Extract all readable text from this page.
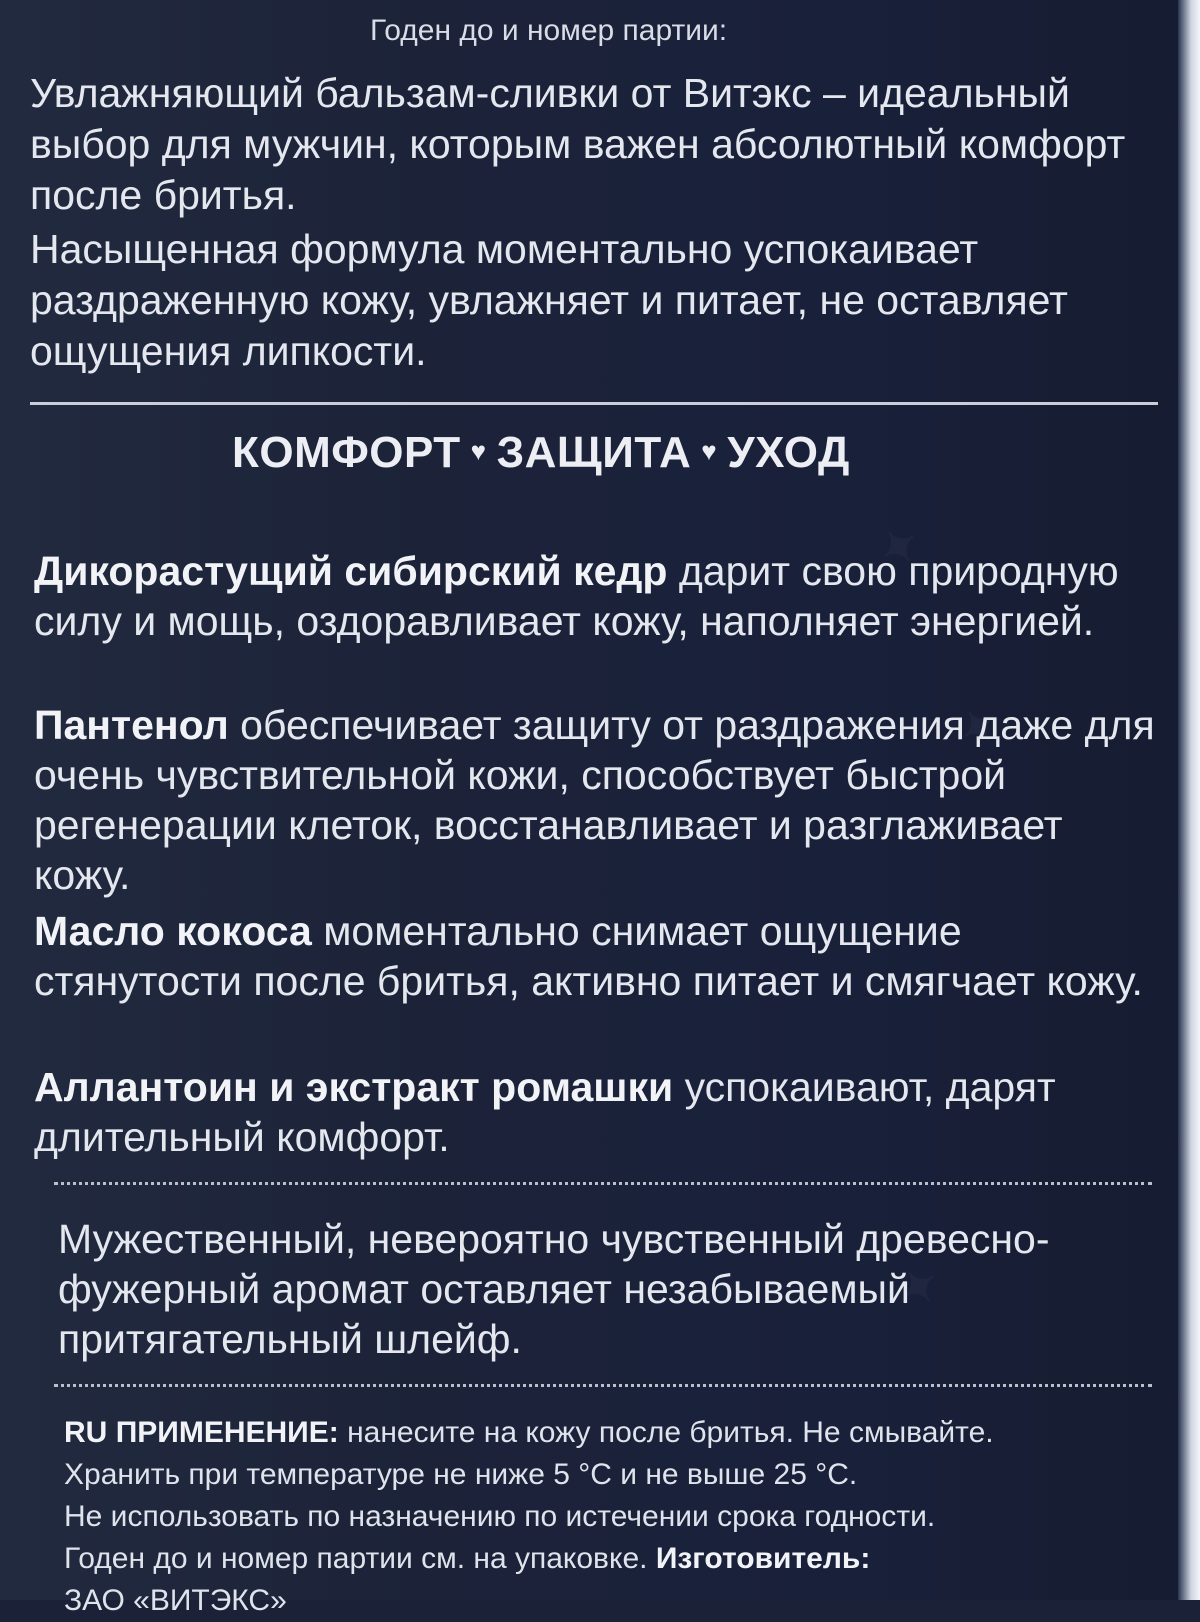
Годен до и номер партии:

Увлажняющий бальзам-сливки от Витэкс – идеальный выбор для мужчин, которым важен абсолютный комфорт после бритья.

Насыщенная формула моментально успокаивает раздраженную кожу, увлажняет и питает, не оставляет ощущения липкости.

КОМФОРТ ♥ ЗАЩИТА ♥ УХОД

Дикорастущий сибирский кедр дарит свою природную силу и мощь, оздоравливает кожу, наполняет энергией.

Пантенол обеспечивает защиту от раздражения даже для очень чувствительной кожи, способствует быстрой регенерации клеток, восстанавливает и разглаживает кожу.

Масло кокоса моментально снимает ощущение стянутости после бритья, активно питает и смягчает кожу.

Аллантоин и экстракт ромашки успокаивают, дарят длительный комфорт.

Мужественный, невероятно чувственный древесно-фужерный аромат оставляет незабываемый притягательный шлейф.

RU ПРИМЕНЕНИЕ: нанесите на кожу после бритья. Не смывайте.
Хранить при температуре не ниже 5 °С и не выше 25 °С.
Не использовать по назначению по истечении срока годности.
Годен до и номер партии см. на упаковке. Изготовитель:
ЗАО «ВИТЭКС»
